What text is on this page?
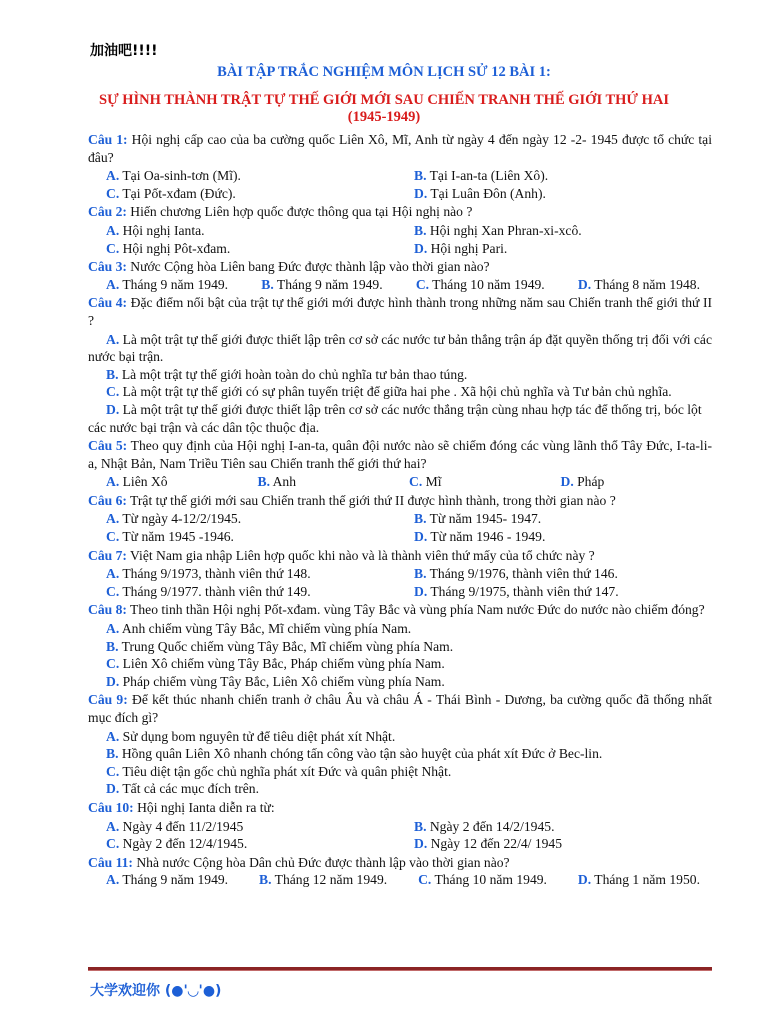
加油吧!!!!
BÀI TẬP TRẮC NGHIỆM MÔN LỊCH SỬ 12 BÀI 1:
SỰ HÌNH THÀNH TRẬT TỰ THẾ GIỚI MỚI SAU CHIẾN TRANH THẾ GIỚI THỨ HAI
(1945-1949)

Câu 1: Hội nghị cấp cao của ba cường quốc Liên Xô, Mĩ, Anh từ ngày 4 đến ngày 12 -2- 1945 được tổ chức tại đâu?

A. Tại Oa-sinh-tơn (Mĩ).	B. Tại I-an-ta (Liên Xô).
C. Tại Pốt-xđam (Đức).	D. Tại Luân Đôn (Anh).

Câu 2: Hiến chương Liên hợp quốc được thông qua tại Hội nghị nào ?

A. Hội nghị Ianta.	B. Hội nghị Xan Phran-xi-xcô.
C. Hội nghị Pôt-xđam.	D. Hội nghị Pari.

Câu 3: Nước Cộng hòa Liên bang Đức được thành lập vào thời gian nào?

A. Tháng 9 năm 1949. B. Tháng 9 năm 1949. C. Tháng 10 năm 1949. D. Tháng 8 năm 1948.

Câu 4: Đặc điểm nổi bật của trật tự thế giới mới được hình thành trong những năm sau Chiến tranh thế giới thứ II ?

A. Là một trật tự thế giới được thiết lập trên cơ sở các nước tư bản thắng trận áp đặt quyền thống trị đối với các nước bại trận.
B. Là một trật tự thế giới hoàn toàn do chủ nghĩa tư bản thao túng.
C. Là một trật tự thế giới có sự phân tuyến triệt để giữa hai phe . Xã hội chủ nghĩa và Tư bản chủ nghĩa.
D. Là một trật tự thế giới được thiết lập trên cơ sở các nước thắng trận cùng nhau hợp tác để thống trị, bóc lột các nước bại trận và các dân tộc thuộc địa.

Câu 5: Theo quy định của Hội nghị I-an-ta, quân đội nước nào sẽ chiếm đóng các vùng lãnh thổ Tây Đức, I-ta-li-a, Nhật Bản, Nam Triều Tiên sau Chiến tranh thế giới thứ hai?

A. Liên Xô	B. Anh	C. Mĩ	D. Pháp

Câu 6: Trật tự thế giới mới sau Chiến tranh thế giới thứ II được hình thành, trong thời gian nào ?

A. Từ ngày 4-12/2/1945.	B. Từ năm 1945- 1947.
C. Từ năm 1945 -1946.	D. Từ năm 1946 - 1949.

Câu 7: Việt Nam gia nhập Liên hợp quốc khi nào và là thành viên thứ mấy của tổ chức này ?

A. Tháng 9/1973, thành viên thứ 148.	B. Tháng 9/1976, thành viên thứ 146.
C. Tháng 9/1977. thành viên thứ 149.	D. Tháng 9/1975, thành viên thứ 147.

Câu 8: Theo tinh thần Hội nghị Pốt-xđam. vùng Tây Bắc và vùng phía Nam nước Đức do nước nào chiếm đóng?

A. Anh chiếm vùng Tây Bắc, Mĩ chiếm vùng phía Nam.
B. Trung Quốc chiếm vùng Tây Bắc, Mĩ chiếm vùng phía Nam.
C. Liên Xô chiếm vùng Tây Bắc, Pháp chiếm vùng phía Nam.
D. Pháp chiếm vùng Tây Bắc, Liên Xô chiếm vùng phía Nam.

Câu 9: Để kết thúc nhanh chiến tranh ở châu Âu và châu Á - Thái Bình - Dương, ba cường quốc đã thống nhất mục đích gì?

A. Sử dụng bom nguyên tử để tiêu diệt phát xít Nhật.
B. Hồng quân Liên Xô nhanh chóng tấn công vào tận sào huyệt của phát xít Đức ở Bec-lin.
C. Tiêu diệt tận gốc chủ nghĩa phát xít Đức và quân phiệt Nhật.
D. Tất cả các mục đích trên.

Câu 10: Hội nghị Ianta diễn ra từ:

A. Ngày 4 đến 11/2/1945	B. Ngày 2 đến 14/2/1945.
C. Ngày 2 đến 12/4/1945.	D. Ngày 12 đến 22/4/ 1945

Câu 11: Nhà nước Cộng hòa Dân chủ Đức được thành lập vào thời gian nào?

A. Tháng 9 năm 1949. B. Tháng 12 năm 1949. C. Tháng 10 năm 1949. D. Tháng 1 năm 1950.
大学欢迎你 (●'◡'●)
